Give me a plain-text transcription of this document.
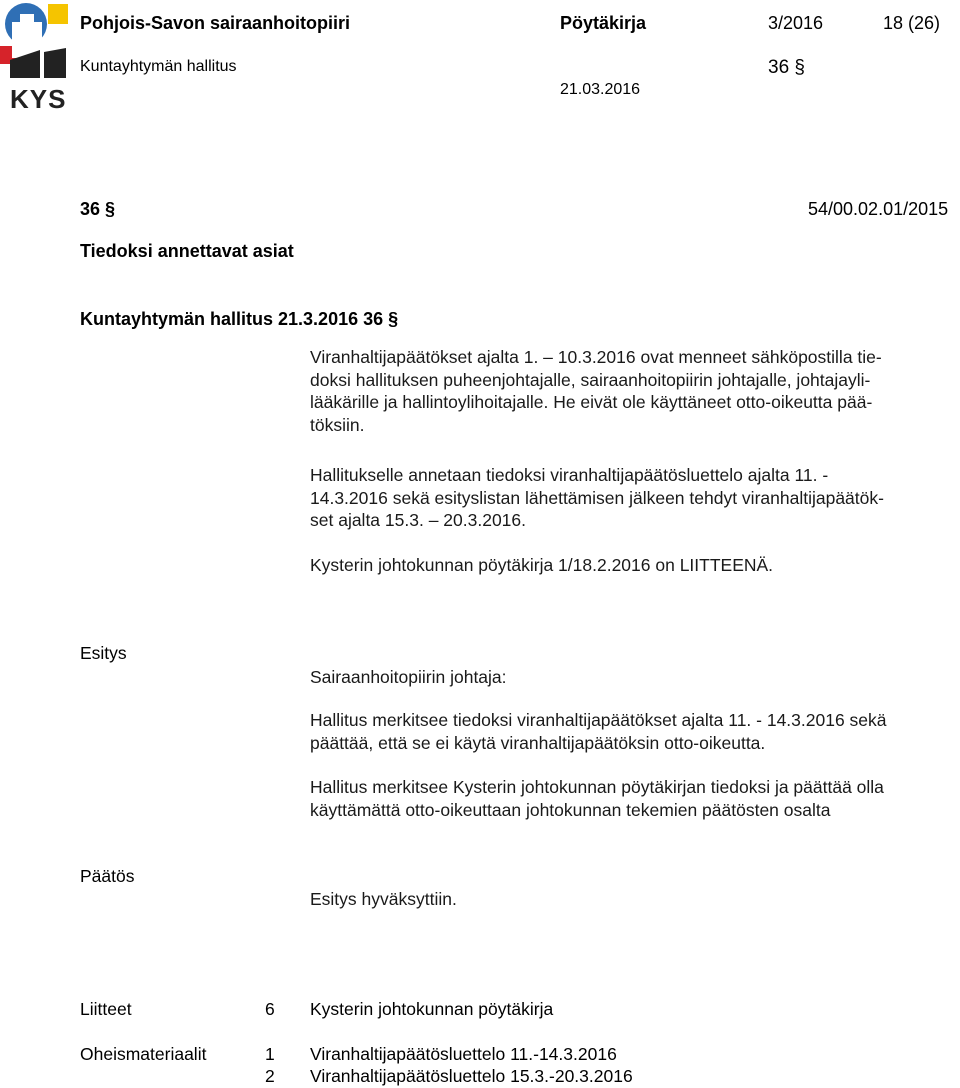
KYS
Pohjois-Savon sairaanhoitopiiri	Pöytäkirja	3/2016	18 (26)
Kuntayhtymän hallitus	36 §
21.03.2016
36 §	54/00.02.01/2015
Tiedoksi annettavat asiat
Kuntayhtymän hallitus 21.3.2016 36 §
Viranhaltijapäätökset ajalta 1. – 10.3.2016 ovat menneet sähköpostilla tie-
doksi hallituksen puheenjohtajalle, sairaanhoitopiirin johtajalle, johtajayli-
lääkärille ja hallintoylihoitajalle. He eivät ole käyttäneet otto-oikeutta pää-
töksiin.
Hallitukselle annetaan tiedoksi viranhaltijapäätösluettelo ajalta 11. -
14.3.2016 sekä esityslistan lähettämisen jälkeen tehdyt viranhaltijapäätök-
set ajalta 15.3. – 20.3.2016.
Kysterin johtokunnan pöytäkirja 1/18.2.2016 on LIITTEENÄ.
Esitys
Sairaanhoitopiirin johtaja:
Hallitus merkitsee tiedoksi viranhaltijapäätökset ajalta 11. - 14.3.2016 sekä
päättää, että se ei käytä viranhaltijapäätöksin otto-oikeutta.
Hallitus merkitsee Kysterin johtokunnan pöytäkirjan tiedoksi ja päättää olla
käyttämättä otto-oikeuttaan johtokunnan tekemien päätösten osalta
Päätös
Esitys hyväksyttiin.
Liitteet	6 Kysterin johtokunnan pöytäkirja
Oheismateriaalit	1 Viranhaltijapäätösluettelo 11.-14.3.2016
2 Viranhaltijapäätösluettelo 15.3.-20.3.2016
